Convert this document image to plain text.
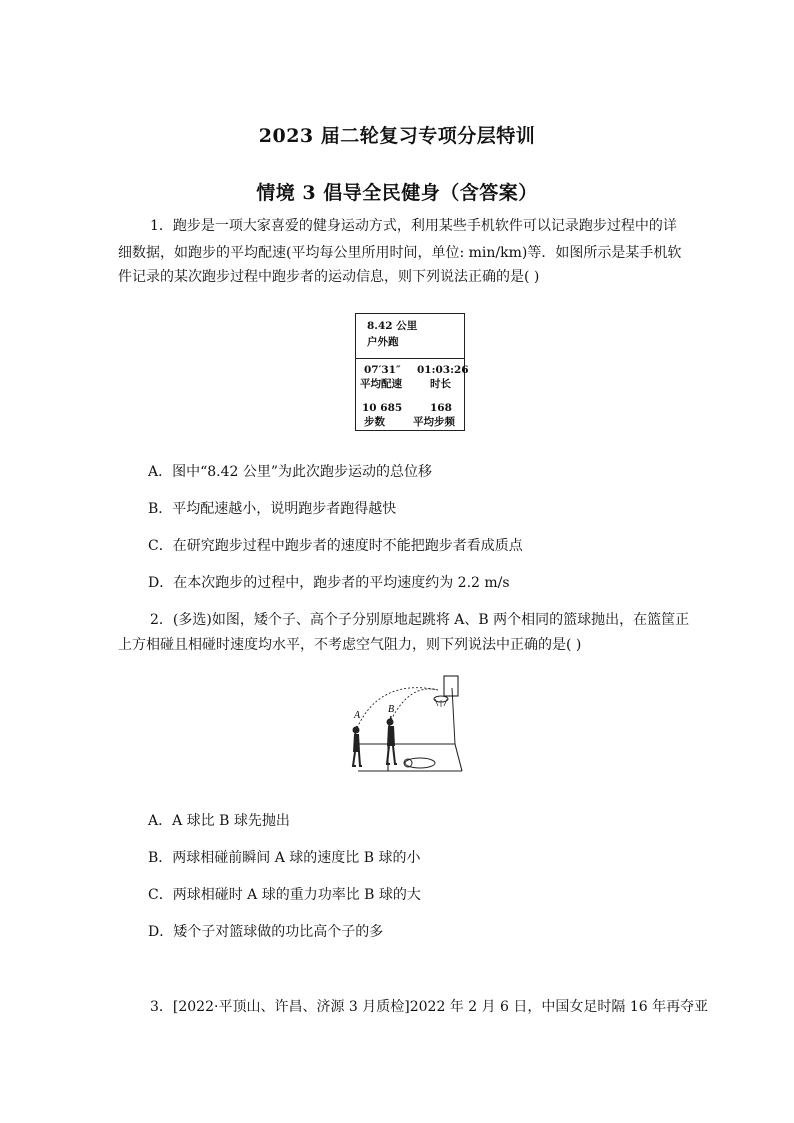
2023 届二轮复习专项分层特训
情境 3 倡导全民健身（含答案）
1．跑步是一项大家喜爱的健身运动方式，利用某些手机软件可以记录跑步过程中的详
细数据，如跑步的平均配速(平均每公里所用时间，单位: min/km)等．如图所示是某手机软
件记录的某次跑步过程中跑步者的运动信息，则下列说法正确的是( )
8.42 公里
户外跑
07′31″
平均配速
01:03:26
时长
10 685
步数
168
平均步频
A．图中“8.42 公里”为此次跑步运动的总位移
B．平均配速越小，说明跑步者跑得越快
C．在研究跑步过程中跑步者的速度时不能把跑步者看成质点
D．在本次跑步的过程中，跑步者的平均速度约为 2.2 m/s
2．(多选)如图，矮个子、高个子分别原地起跳将 A、B 两个相同的篮球抛出，在篮筐正
上方相碰且相碰时速度均水平，不考虑空气阻力，则下列说法中正确的是( )
A
B
A．A 球比 B 球先抛出
B．两球相碰前瞬间 A 球的速度比 B 球的小
C．两球相碰时 A 球的重力功率比 B 球的大
D．矮个子对篮球做的功比高个子的多
3．[2022·平顶山、许昌、济源 3 月质检]2022 年 2 月 6 日，中国女足时隔 16 年再夺亚
